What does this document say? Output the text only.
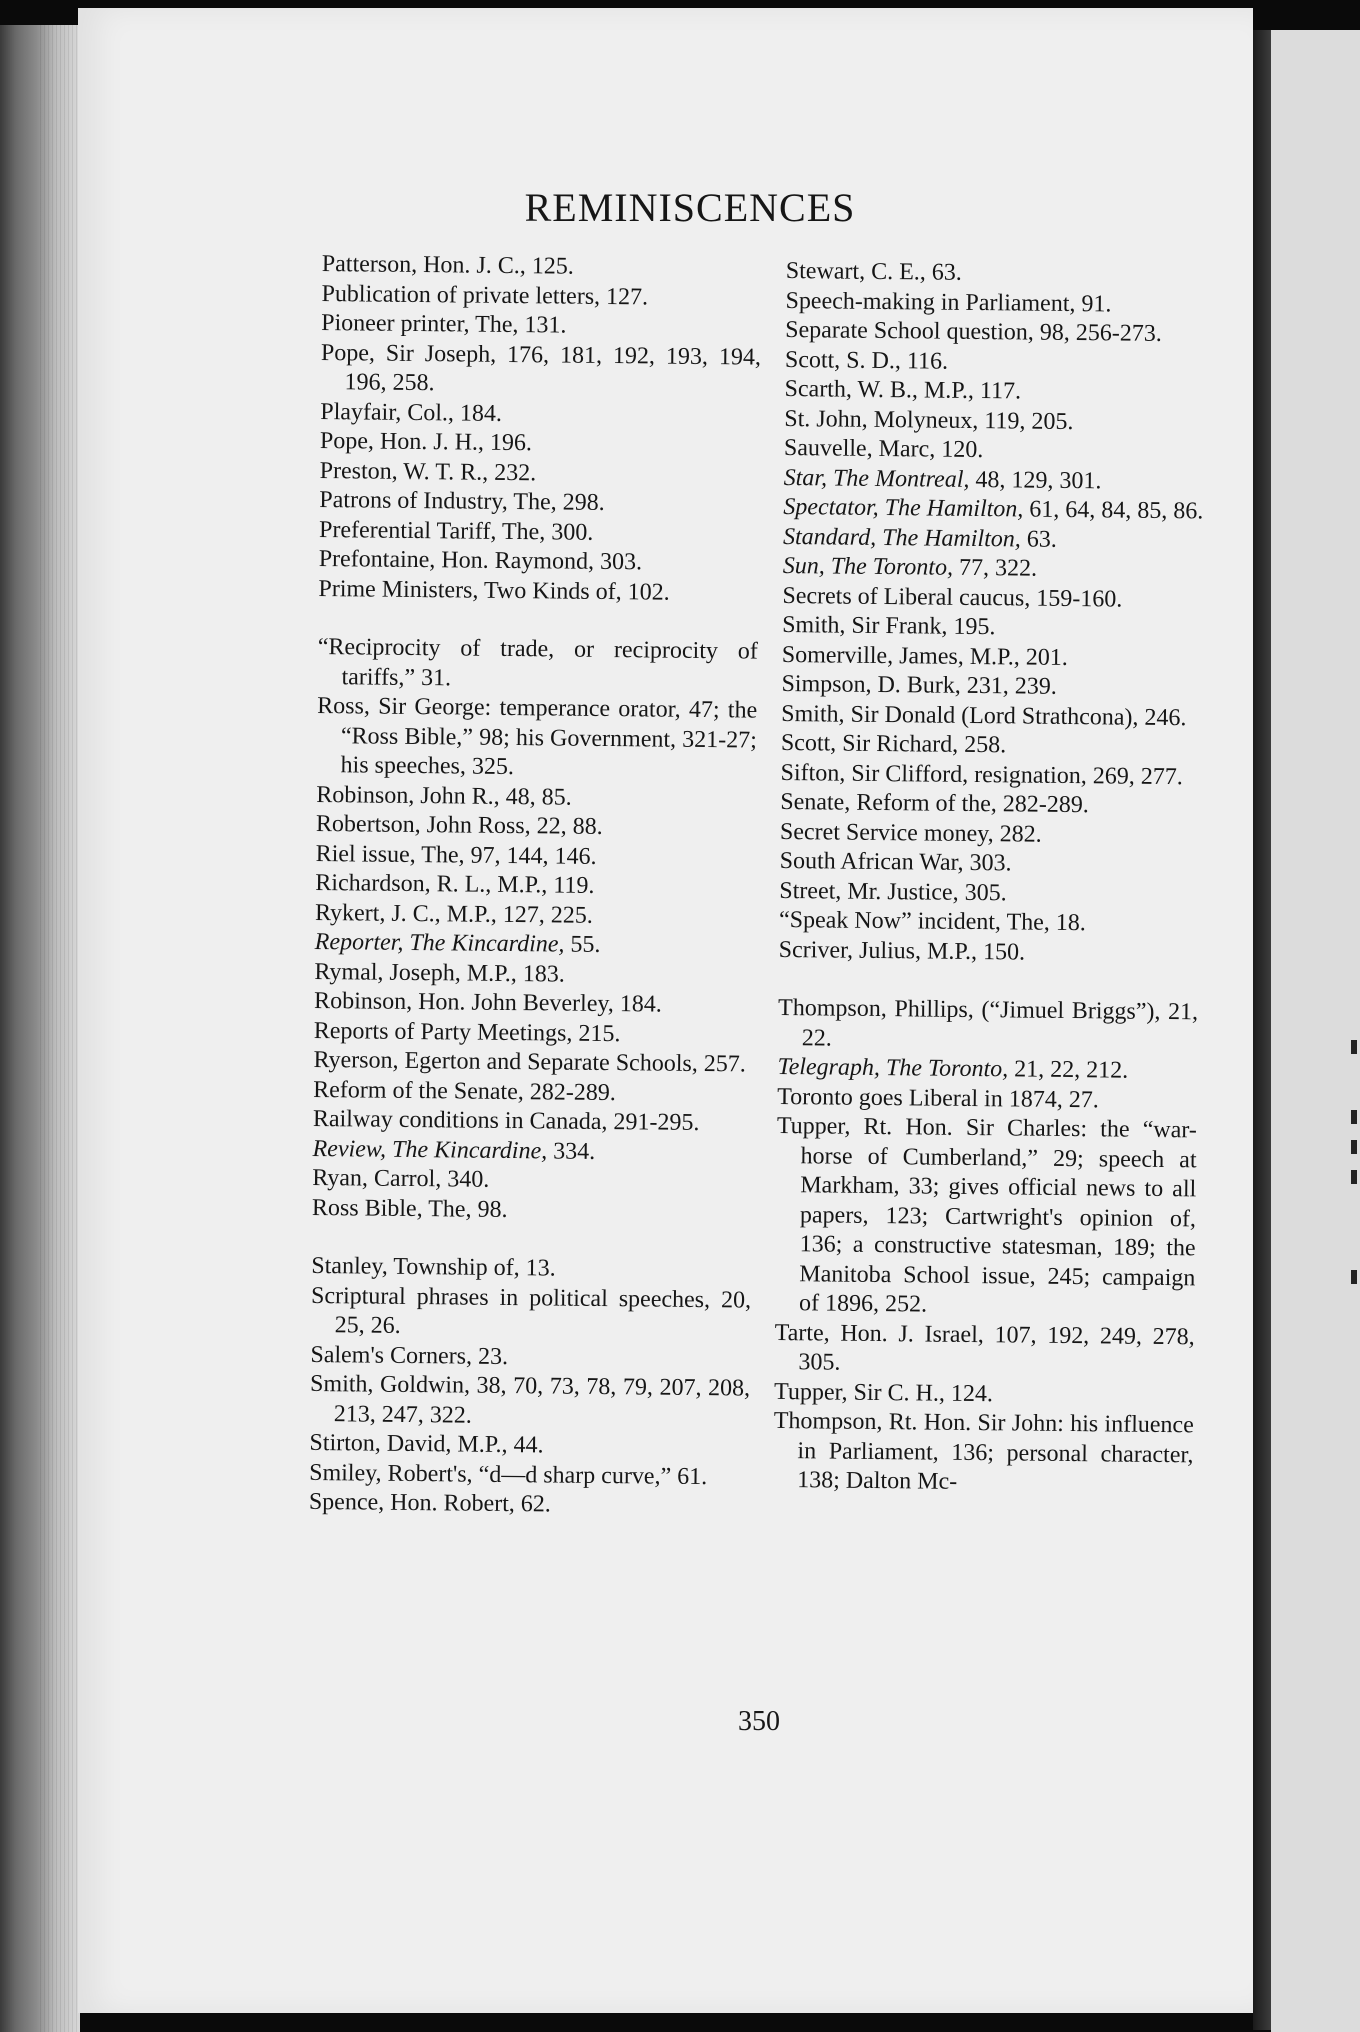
REMINISCENCES

Patterson, Hon. J. C., 125.

Publication of private letters, 127.

Pioneer printer, The, 131.

Pope, Sir Joseph, 176, 181, 192, 193, 194, 196, 258.

Playfair, Col., 184.

Pope, Hon. J. H., 196.

Preston, W. T. R., 232.

Patrons of Industry, The, 298.

Preferential Tariff, The, 300.

Prefontaine, Hon. Raymond, 303.

Prime Ministers, Two Kinds of, 102.

“Reciprocity of trade, or reciprocity of tariffs,” 31.

Ross, Sir George: temperance orator, 47; the “Ross Bible,” 98; his Government, 321-27; his speeches, 325.

Robinson, John R., 48, 85.

Robertson, John Ross, 22, 88.

Riel issue, The, 97, 144, 146.

Richardson, R. L., M.P., 119.

Rykert, J. C., M.P., 127, 225.

Reporter, The Kincardine, 55.

Rymal, Joseph, M.P., 183.

Robinson, Hon. John Beverley, 184.

Reports of Party Meetings, 215.

Ryerson, Egerton and Separate Schools, 257.

Reform of the Senate, 282-289.

Railway conditions in Canada, 291-295.

Review, The Kincardine, 334.

Ryan, Carrol, 340.

Ross Bible, The, 98.

Stanley, Township of, 13.

Scriptural phrases in political speeches, 20, 25, 26.

Salem's Corners, 23.

Smith, Goldwin, 38, 70, 73, 78, 79, 207, 208, 213, 247, 322.

Stirton, David, M.P., 44.

Smiley, Robert's, “d—d sharp curve,” 61.

Spence, Hon. Robert, 62.

Stewart, C. E., 63.

Speech-making in Parliament, 91.

Separate School question, 98, 256-273.

Scott, S. D., 116.

Scarth, W. B., M.P., 117.

St. John, Molyneux, 119, 205.

Sauvelle, Marc, 120.

Star, The Montreal, 48, 129, 301.

Spectator, The Hamilton, 61, 64, 84, 85, 86.

Standard, The Hamilton, 63.

Sun, The Toronto, 77, 322.

Secrets of Liberal caucus, 159-160.

Smith, Sir Frank, 195.

Somerville, James, M.P., 201.

Simpson, D. Burk, 231, 239.

Smith, Sir Donald (Lord Strathcona), 246.

Scott, Sir Richard, 258.

Sifton, Sir Clifford, resignation, 269, 277.

Senate, Reform of the, 282-289.

Secret Service money, 282.

South African War, 303.

Street, Mr. Justice, 305.

“Speak Now” incident, The, 18.

Scriver, Julius, M.P., 150.

Thompson, Phillips, (“Jimuel Briggs”), 21, 22.

Telegraph, The Toronto, 21, 22, 212.

Toronto goes Liberal in 1874, 27.

Tupper, Rt. Hon. Sir Charles: the “war-horse of Cumberland,” 29; speech at Markham, 33; gives official news to all papers, 123; Cartwright's opinion of, 136; a constructive statesman, 189; the Manitoba School issue, 245; campaign of 1896, 252.

Tarte, Hon. J. Israel, 107, 192, 249, 278, 305.

Tupper, Sir C. H., 124.

Thompson, Rt. Hon. Sir John: his influence in Parliament, 136; personal character, 138; Dalton Mc-

350
